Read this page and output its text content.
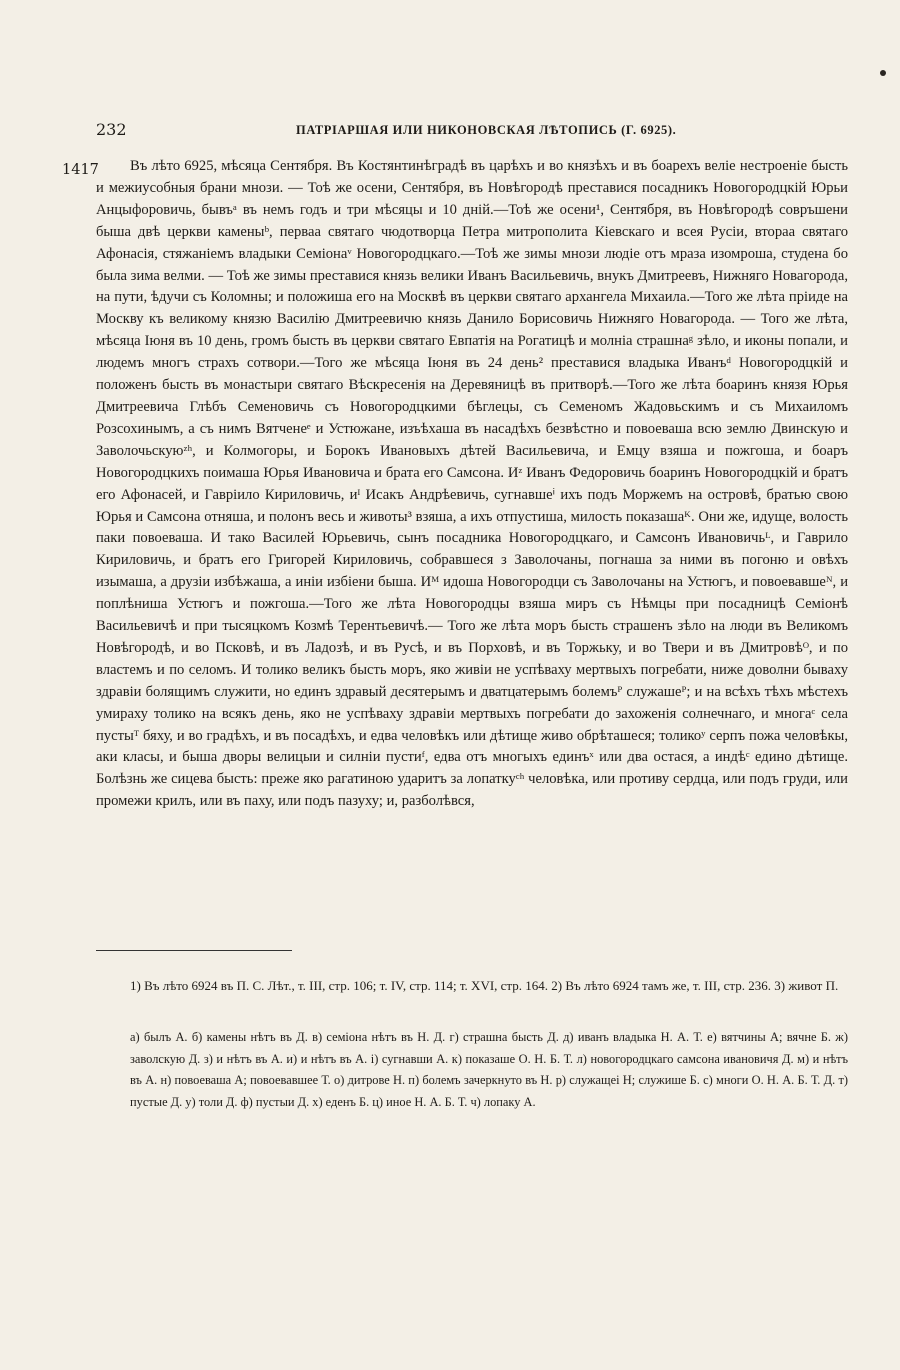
232	ПАТРІАРШАЯ ИЛИ НИКОНОВСКАЯ ЛѢТОПИСЬ (Г. 6925).
1417	Въ лѣто 6925, мѣсяца Сентября. Въ Костянтинѣградѣ въ царѣхъ и во князѣхъ и въ боарехъ веліе нестроеніе бысть и межиусобныя брани мнози. — Тоѣ же осени, Сентября, въ Новѣгородѣ преставися посадникъ Новогородцкій Юрьи Анцыфоровичь, бывъᵃ въ немъ годъ и три мѣсяцы и 10 дній.—Тоѣ же осени¹, Сентября, въ Новѣгородѣ совръшени быша двѣ церкви каменыᵇ, перваа святаго чюдотворца Петра митрополита Кіевскаго и всея Русіи, втораа святаго Афонасія, стяжаніемъ владыки Семіонаᵛ Новогородцкаго.—Тоѣ же зимы мнози людіе отъ мраза изомроша, студена бо была зима велми. — Тоѣ же зимы преставися князь велики Иванъ Васильевичь, внукъ Дмитреевъ, Нижняго Новагорода, на пути, ѣдучи съ Коломны; и положиша его на Москвѣ въ церкви святаго архангела Михаила.—Того же лѣта пріиде на Москву къ великому князю Василію Дмитреевичю князь Данило Борисовичь Нижняго Новагорода. — Того же лѣта, мѣсяца Іюня въ 10 день, громъ бысть въ церкви святаго Евпатія на Рогатицѣ и молніа страшнаᵍ зѣло, и иконы попали, и людемъ многъ страхъ сотвори.—Того же мѣсяца Іюня въ 24 день² преставися владыка Иванъᵈ Новогородцкій и положенъ бысть въ монастыри святаго Вѣскресенія на Деревяницѣ въ притворѣ.—Того же лѣта боаринъ князя Юрья Дмитреевича Глѣбъ Семеновичь съ Новогородцкими бѣглецы, съ Семеномъ Жадовьскимъ и съ Михаиломъ Розсохинымъ, а съ нимъ Вятченеᵉ и Устюжане, изъѣхаша въ насадѣхъ безвѣстно и повоеваша всю землю Двинскую и Заволочьскуюᶻʰ, и Колмогоры, и Борокъ Ивановыхъ дѣтей Васильевича, и Емцу взяша и пожгоша, и боаръ Новогородцкихъ поимаша Юрья Ивановича и брата его Самсона. Иᶻ Иванъ Федоровичь боаринъ Новогородцкій и братъ его Афонасей, и Гавріило Кириловичь, иᴵ Исакъ Андрѣевичь, сугнавшеⁱ ихъ подъ Моржемъ на островѣ, братью свою Юрья и Самсона отняша, и полонъ весь и животы³ взяша, а ихъ отпустиша, милость показашаᴷ. Они же, идуще, волость паки повоеваша. И тако Василей Юрьевичь, сынъ посадника Новогородцкаго, и Самсонъ Ивановичьᴸ, и Гаврило Кириловичь, и братъ его Григорей Кириловичь, собравшеся з Заволочаны, погнаша за ними въ погоню и овѣхъ изымаша, а друзіи избѣжаша, а иніи избіени быша. Иᴹ идоша Новогородци съ Заволочаны на Устюгъ, и повоевавшеᴺ, и поплѣниша Устюгъ и пожгоша.—Того же лѣта Новогородцы взяша миръ съ Нѣмцы при посадницѣ Семіонѣ Васильевичѣ и при тысяцкомъ Козмѣ Терентьевичѣ.— Того же лѣта моръ бысть страшенъ зѣло на люди въ Великомъ Новѣгородѣ, и во Псковѣ, и въ Ладозѣ, и въ Русѣ, и въ Порховѣ, и въ Торжьку, и во Твери и въ Дмитровѣᴼ, и по властемъ и по селомъ. И толико великъ бысть моръ, яко живіи не успѣваху мертвыхъ погребати, ниже доволни бываху здравіи болящимъ служити, но единъ здравый десятерымъ и дватцатерымъ болемъᴾ служашеᴾ; и на всѣхъ тѣхъ мѣстехъ умираху толико на всякъ день, яко не успѣваху здравіи мертвыхъ погребати до захоженія солнечнаго, и многаᶜ села пустыᵀ бяху, и во градѣхъ, и въ посадѣхъ, и едва человѣкъ или дѣтище живо обрѣташеся; толикоʸ серпъ пожа человѣкы, аки класы, и быша дворы велицыи и силніи пустиᶠ, едва отъ многыхъ единъˣ или два остася, а индѣᶜ едино дѣтище. Болѣзнь же сицева бысть: преже яко рагатиною ударитъ за лопаткуᶜʰ человѣка, или противу сердца, или подъ груди, или промежи крилъ, или въ паху, или подъ пазуху; и, разболѣвся,

1) Въ лѣто 6924 въ П. С. Лѣт., т. III, стр. 106; т. IV, стр. 114; т. XVI, стр. 164. 2) Въ лѣто 6924 тамъ же, т. III, стр. 236. 3) живот П.

а) былъ А. б) камены нѣтъ въ Д. в) семіона нѣтъ въ Н. Д. г) страшна бысть Д. д) иванъ владыка Н. А. Т. е) вятчины А; вячне Б. ж) заволскую Д. з) и нѣтъ въ А. и) и нѣтъ въ А. і) сугнавши А. к) показаше О. Н. Б. Т. л) новогородцкаго самсона ивановичя Д. м) и нѣтъ въ А. н) повоеваша А; повоевавшее Т. о) дитрове Н. п) болемъ зачеркнуто въ Н. р) служащеі Н; служише Б. с) многи О. Н. А. Б. Т. Д. т) пустые Д. у) толи Д. ф) пустыи Д. х) еденъ Б. ц) иное Н. А. Б. Т. ч) лопаку А.
